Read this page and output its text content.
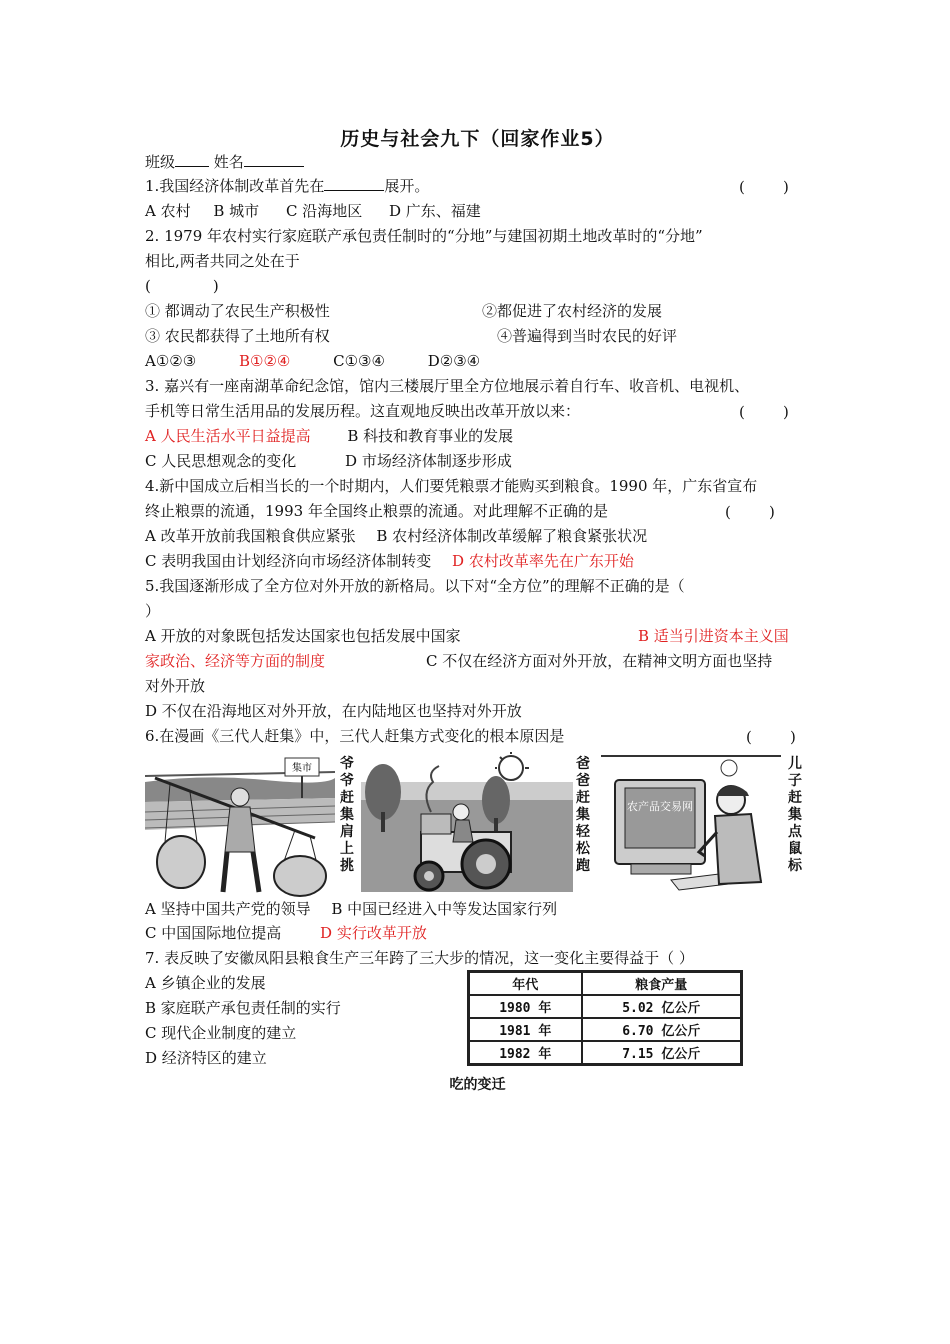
历史与社会九下（回家作业5）
班级	姓名
1.我国经济体制改革首先在	展开。	(        )
A 农村 B 城市 C 沿海地区 D 广东、福建
2. 1979 年农村实行家庭联产承包责任制时的“分地”与建国初期土地改革时的“分地”
相比,两者共同之处在于
(             )
① 都调动了农民生产积极性	②都促进了农村经济的发展
③ 农民都获得了土地所有权	④普遍得到当时农民的好评
A①②③	B①②④	C①③④	D②③④
3. 嘉兴有一座南湖革命纪念馆，馆内三楼展厅里全方位地展示着自行车、收音机、电视机、
手机等日常生活用品的发展历程。这直观地反映出改革开放以来：	(        )
A 人民生活水平日益提高 B 科技和教育事业的发展
C 人民思想观念的变化	D 市场经济体制逐步形成
4.新中国成立后相当长的一个时期内，人们要凭粮票才能购买到粮食。1990 年，广东省宣布
终止粮票的流通，1993 年全国终止粮票的流通。对此理解不正确的是	(        )
A 改革开放前我国粮食供应紧张 B 农村经济体制改革缓解了粮食紧张状况
C 表明我国由计划经济向市场经济体制转变 D 农村改革率先在广东开始
5.我国逐渐形成了全方位对外开放的新格局。以下对“全方位”的理解不正确的是（
）
A 开放的对象既包括发达国家也包括发展中国家	B 适当引进资本主义国
家政治、经济等方面的制度	C 不仅在经济方面对外开放，在精神文明方面也坚持
对外开放
D 不仅在沿海地区对外开放，在内陆地区也坚持对外开放
6.在漫画《三代人赶集》中，三代人赶集方式变化的根本原因是	(        )
集市 爷爷赶集肩上挑
爸爸赶集轻松跑
农产品交易网
儿子赶集点鼠标
A 坚持中国共产党的领导 B 中国已经进入中等发达国家行列
C 中国国际地位提高	D 实行改革开放
7. 表反映了安徽凤阳县粮食生产三年跨了三大步的情况，这一变化主要得益于（ ）
A 乡镇企业的发展
B 家庭联产承包责任制的实行
C 现代企业制度的建立
D 经济特区的建立
年代	粮食产量
1980 年	5.02 亿公斤
1981 年	6.70 亿公斤
1982 年	7.15 亿公斤
吃的变迁
